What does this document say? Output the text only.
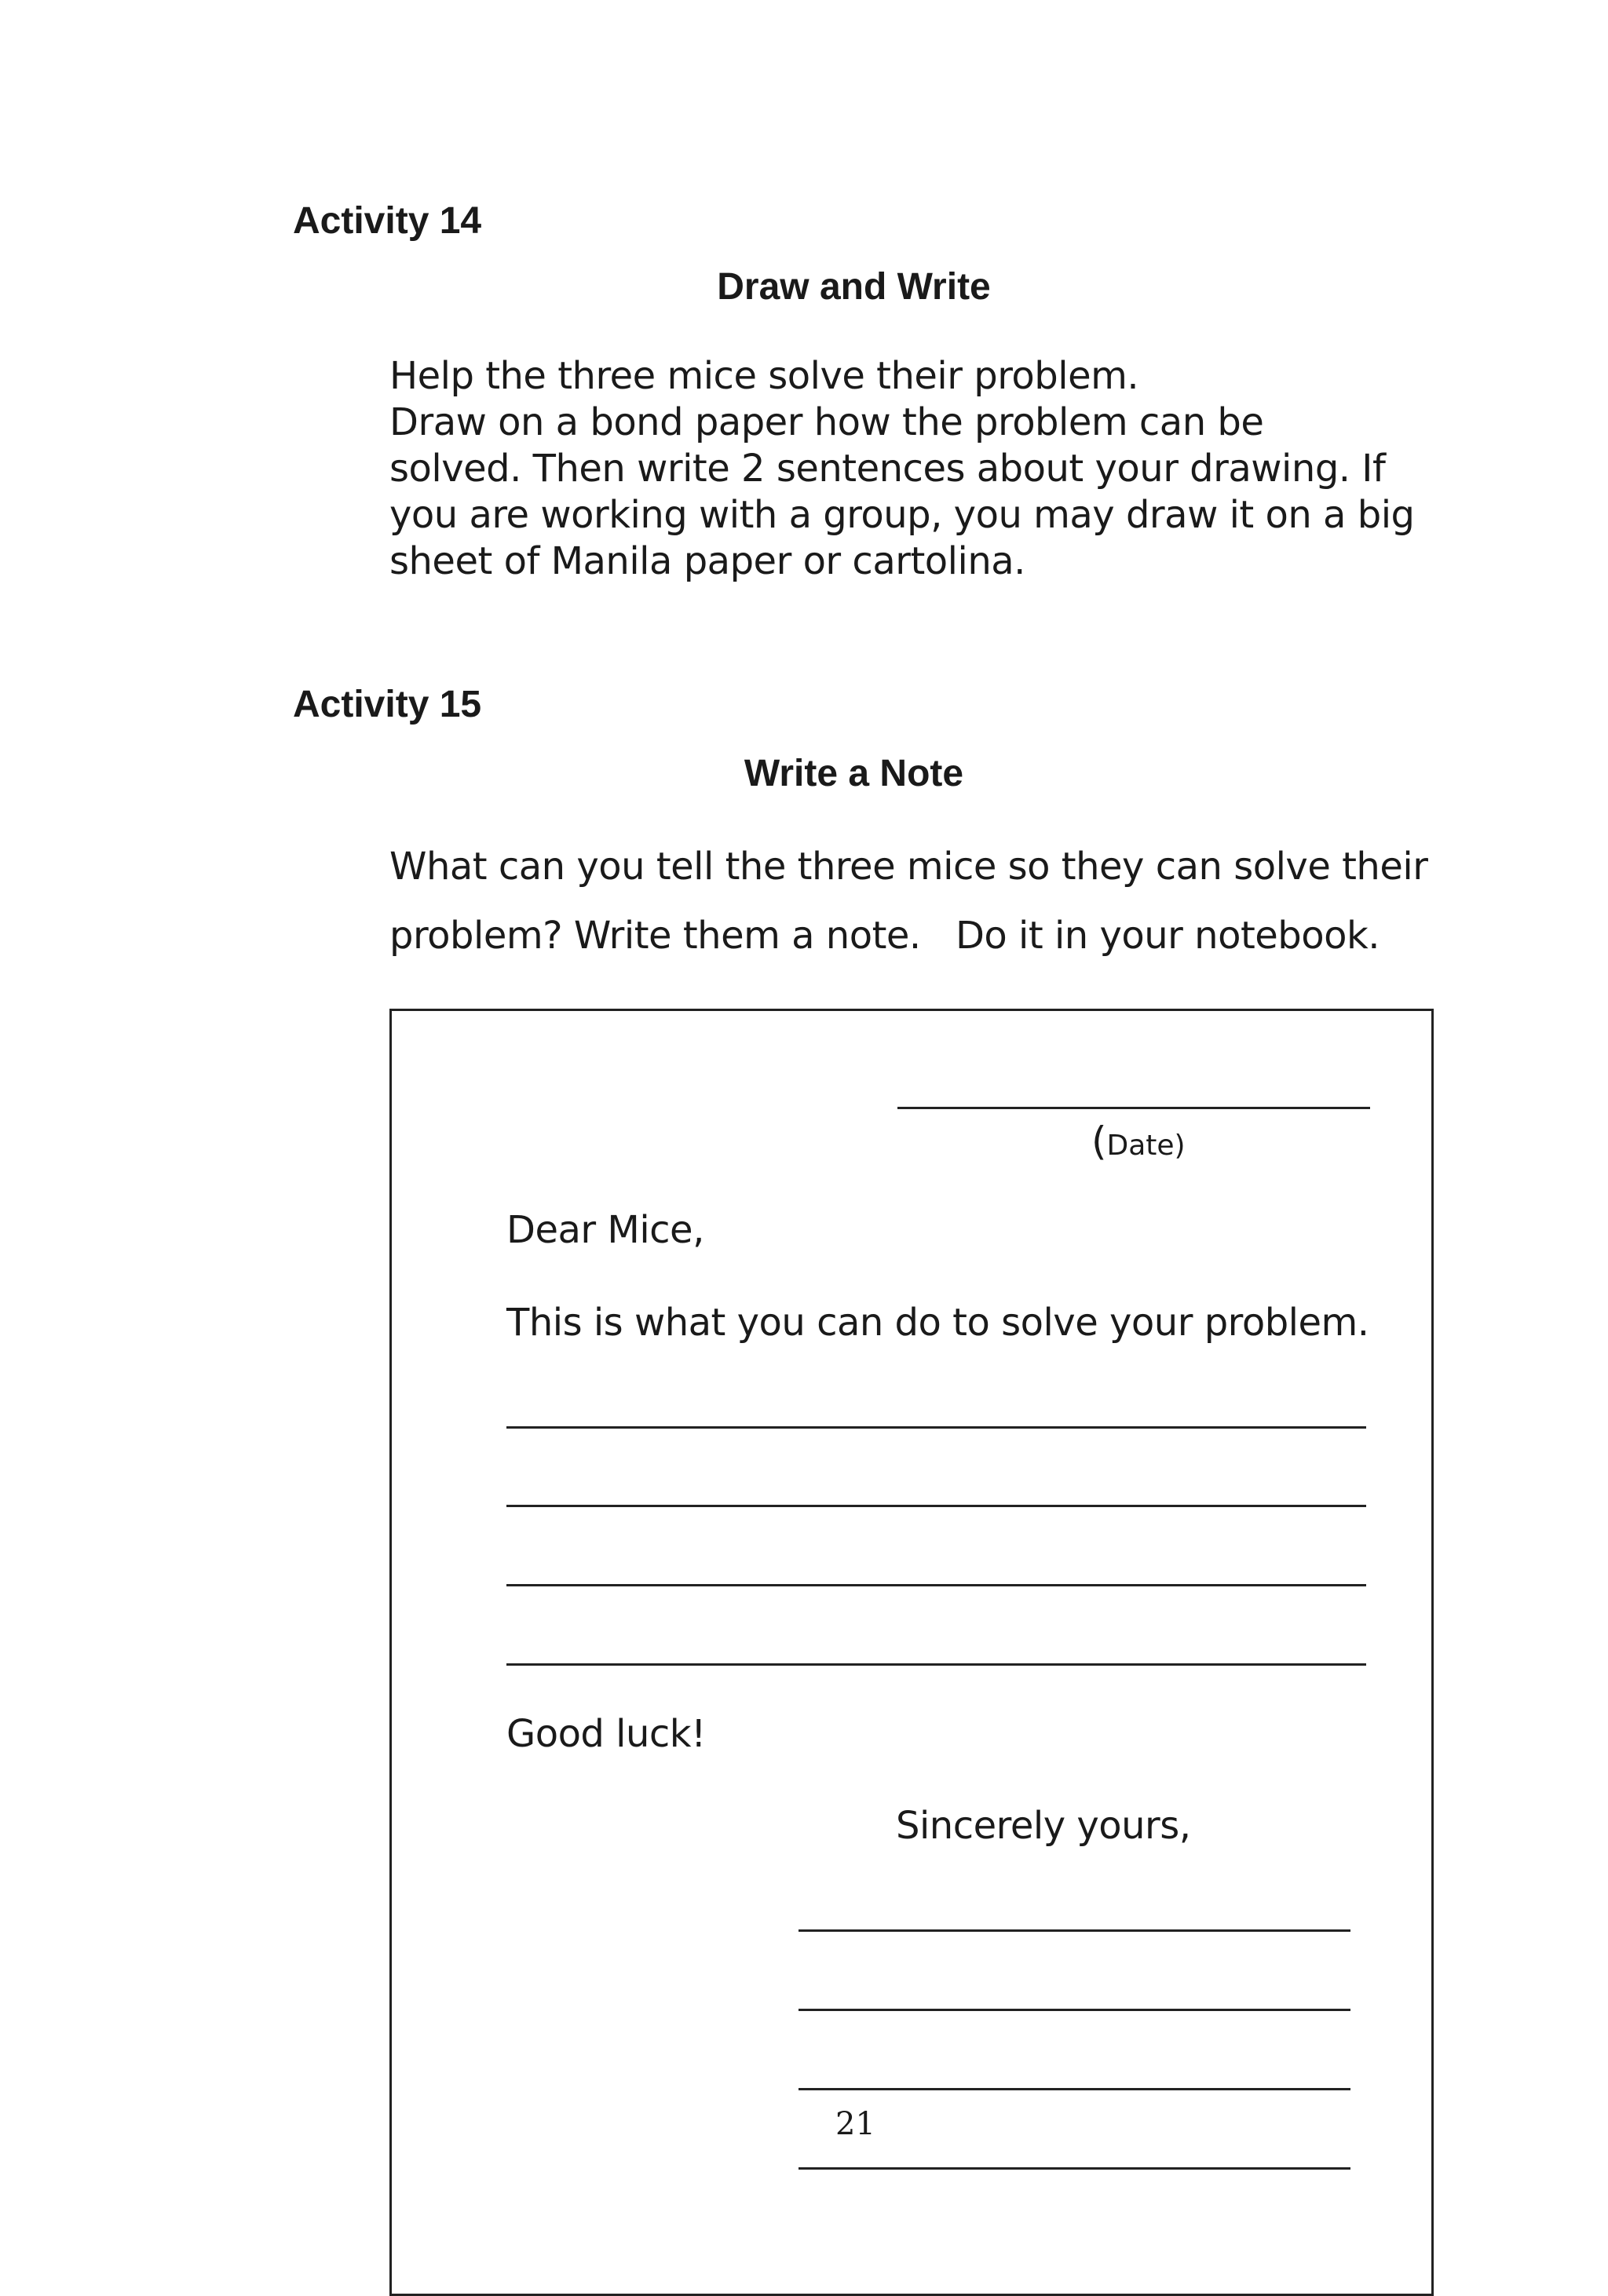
Activity 14
Draw and Write
Help the three mice solve their problem.
Draw on a bond paper how the problem can be
solved. Then write 2 sentences about your drawing. If
you are working with a group, you may draw it on a big
sheet of Manila paper or cartolina.
Activity 15
Write a Note
What can you tell the three mice so they can solve their
problem? Write them a note.   Do it in your notebook.
(Date)
Dear Mice,
This is what you can do to solve your problem.
Good luck!
Sincerely yours,
21
